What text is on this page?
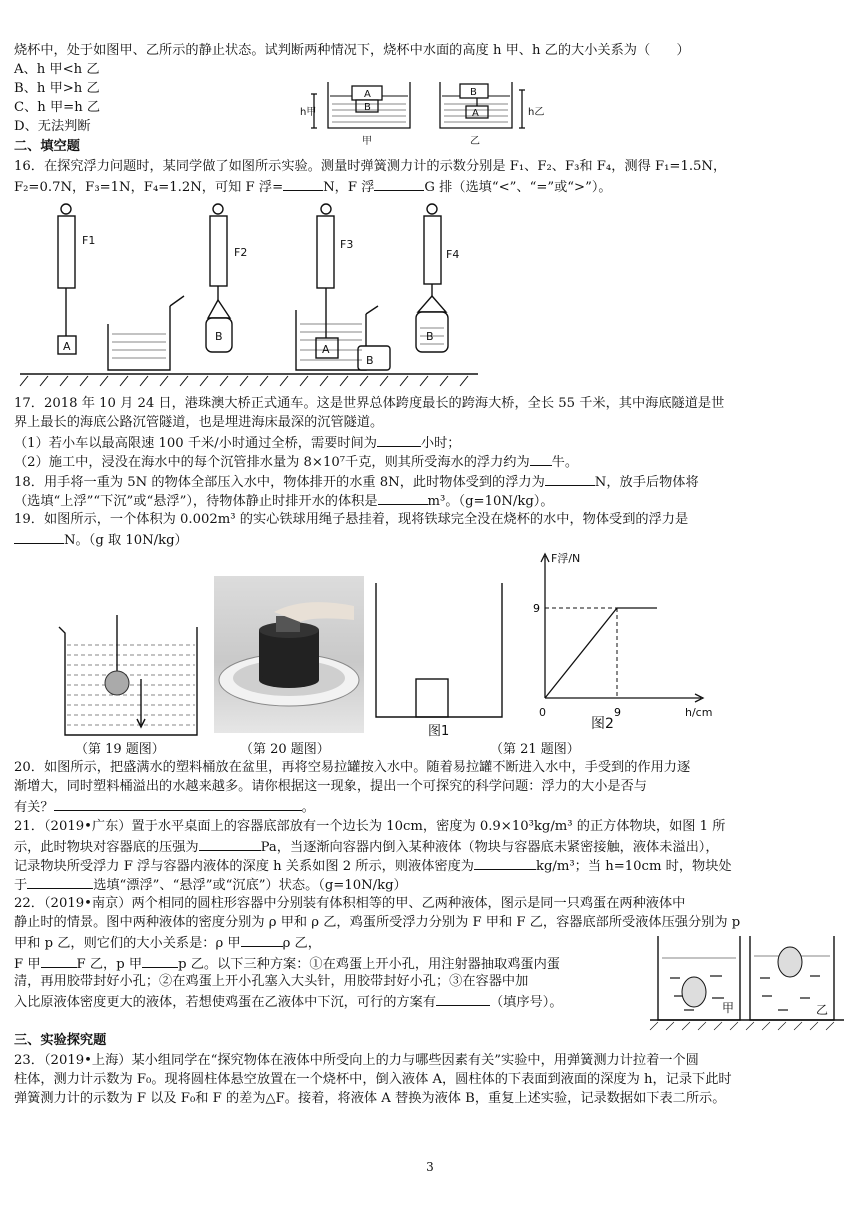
烧杯中，处于如图甲、乙所示的静止状态。试判断两种情况下，烧杯中水面的高度 h 甲、h 乙的大小关系为（　　）
A、h 甲<h 乙
B、h 甲>h 乙
C、h 甲=h 乙
D、无法判断
h甲	h乙
A
B
B
A
甲	乙
二、填空题
16．在探究浮力问题时，某同学做了如图所示实验。测量时弹簧测力计的示数分别是 F₁、F₂、F₃和 F₄，测得 F₁=1.5N，
F₂=0.7N，F₃=1N，F₄=1.2N，可知 F 浮=	N，F 浮	G 排（选填“<”、“=”或“>”）。
F1
F2
F3
F4
A
B
A
B
B
17．2018 年 10 月 24 日，港珠澳大桥正式通车。这是世界总体跨度最长的跨海大桥，全长 55 千米，其中海底隧道是世
界上最长的海底公路沉管隧道，也是埋进海床最深的沉管隧道。
（1）若小车以最高限速 100 千米/小时通过全桥，需要时间为	小时；
（2）施工中，浸没在海水中的每个沉管排水量为 8×10⁷千克，则其所受海水的浮力约为 牛。
18．用手将一重为 5N 的物体全部压入水中，物体排开的水重 8N，此时物体受到的浮力为	N，放手后物体将
（选填“上浮”“下沉”或“悬浮”），待物体静止时排开水的体积是	m³。（g=10N/kg）。
19．如图所示，一个体积为 0.002m³ 的实心铁球用绳子悬挂着，现将铁球完全没在烧杯的水中，物体受到的浮力是
N。（g 取 10N/kg）
图1
9
9
F浮/N
h/cm
0
图2
（第 19 题图）	（第 20 题图）	（第 21 题图）
20．如图所示，把盛满水的塑料桶放在盆里，再将空易拉罐按入水中。随着易拉罐不断进入水中，手受到的作用力逐
渐增大，同时塑料桶溢出的水越来越多。请你根据这一现象，提出一个可探究的科学问题：浮力的大小是否与
有关？	。
21．（2019•广东）置于水平桌面上的容器底部放有一个边长为 10cm，密度为 0.9×10³kg/m³ 的正方体物块，如图 1 所
示，此时物块对容器底的压强为	Pa，当逐渐向容器内倒入某种液体（物块与容器底未紧密接触，液体未溢出），
记录物块所受浮力 F 浮与容器内液体的深度 h 关系如图 2 所示，则液体密度为	kg/m³；当 h=10cm 时，物块处
于	选填“漂浮”、“悬浮”或“沉底”）状态。（g=10N/kg）
22．（2019•南京）两个相同的圆柱形容器中分别装有体积相等的甲、乙两种液体，图示是同一只鸡蛋在两种液体中
静止时的情景。图中两种液体的密度分别为 ρ 甲和 ρ 乙，鸡蛋所受浮力分别为 F 甲和 F 乙，容器底部所受液体压强分别为 p
甲和 p 乙，则它们的大小关系是：ρ 甲	ρ 乙，
F 甲	F 乙，p 甲	p 乙。以下三种方案：①在鸡蛋上开小孔，用注射器抽取鸡蛋内蛋
清，再用胶带封好小孔；②在鸡蛋上开小孔塞入大头针，用胶带封好小孔；③在容器中加
入比原液体密度更大的液体，若想使鸡蛋在乙液体中下沉，可行的方案有	（填序号）。	甲	乙
三、实验探究题
23．（2019•上海）某小组同学在“探究物体在液体中所受向上的力与哪些因素有关”实验中，用弹簧测力计拉着一个圆
柱体，测力计示数为 F₀。现将圆柱体悬空放置在一个烧杯中，倒入液体 A，圆柱体的下表面到液面的深度为 h，记录下此时
弹簧测力计的示数为 F 以及 F₀和 F 的差为△F。接着，将液体 A 替换为液体 B，重复上述实验，记录数据如下表二所示。
3
